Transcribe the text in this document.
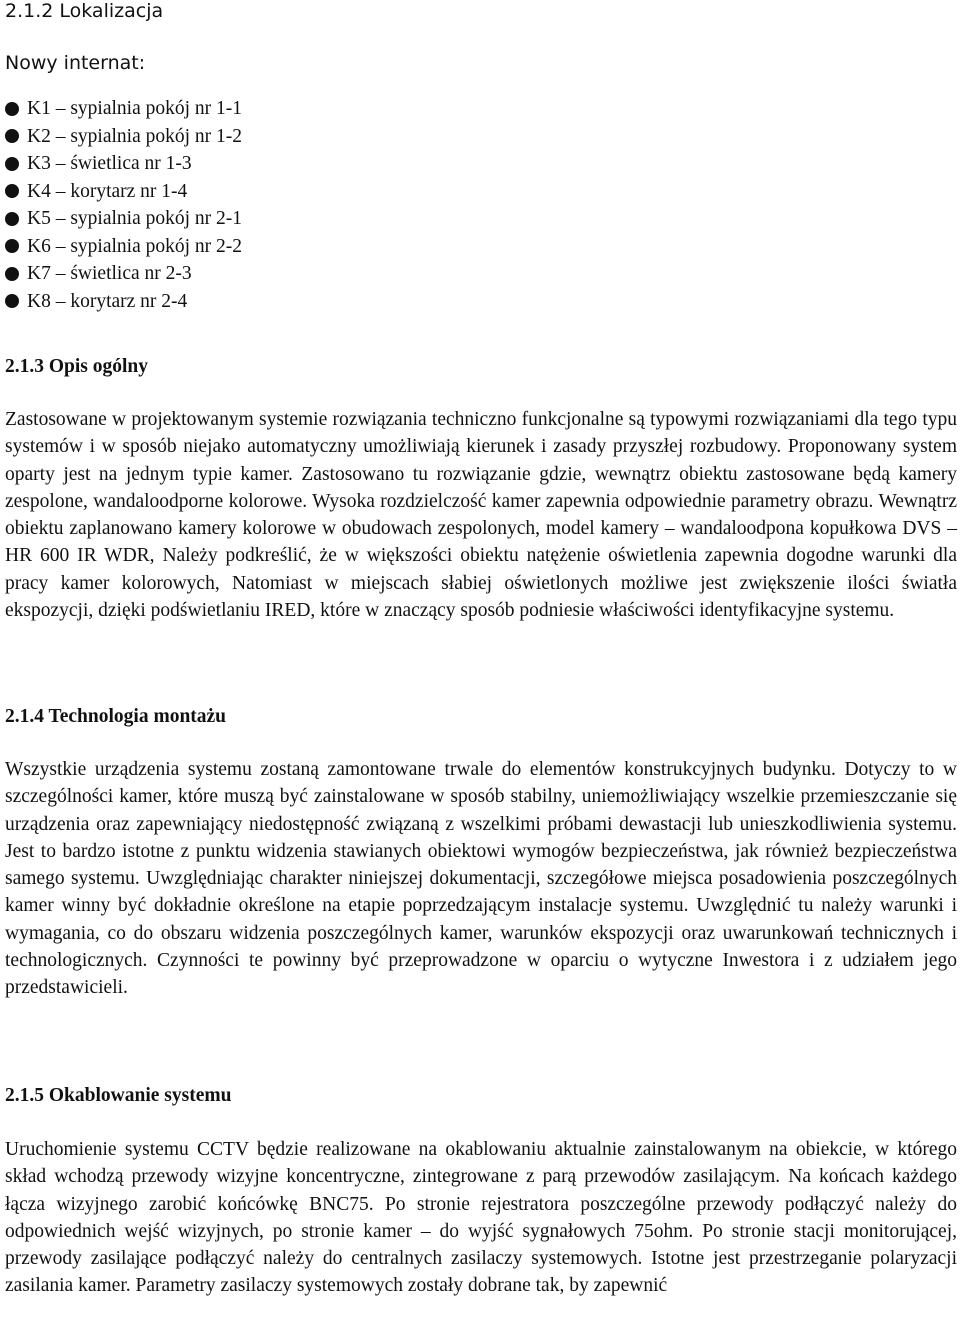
2.1.2 Lokalizacja

Nowy internat:

K1 – sypialnia pokój nr 1-1
K2 – sypialnia pokój nr 1-2
K3 – świetlica nr 1-3
K4 – korytarz nr 1-4
K5 – sypialnia pokój nr 2-1
K6 – sypialnia pokój nr 2-2
K7 – świetlica nr 2-3
K8 – korytarz nr 2-4
2.1.3 Opis ogólny

Zastosowane w projektowanym systemie rozwiązania techniczno funkcjonalne są typowymi rozwiązaniami dla tego typu systemów i w sposób niejako automatyczny umożliwiają kierunek i zasady przyszłej rozbudowy. Proponowany system oparty jest na jednym typie kamer. Zastosowano tu rozwiązanie gdzie, wewnątrz obiektu zastosowane będą kamery zespolone, wandaloodporne kolorowe. Wysoka rozdzielczość kamer zapewnia odpowiednie parametry obrazu. Wewnątrz obiektu zaplanowano kamery kolorowe w obudowach zespolonych, model kamery – wandaloodpona kopułkowa DVS – HR 600 IR WDR, Należy podkreślić, że w większości obiektu natężenie oświetlenia zapewnia dogodne warunki dla pracy kamer kolorowych, Natomiast w miejscach słabiej oświetlonych możliwe jest zwiększenie ilości światła ekspozycji, dzięki podświetlaniu IRED, które w znaczący sposób podniesie właściwości identyfikacyjne systemu.

2.1.4 Technologia montażu

Wszystkie urządzenia systemu zostaną zamontowane trwale do elementów konstrukcyjnych budynku. Dotyczy to w szczególności kamer, które muszą być zainstalowane w sposób stabilny, uniemożliwiający wszelkie przemieszczanie się urządzenia oraz zapewniający niedostępność związaną z wszelkimi próbami dewastacji lub unieszkodliwienia systemu. Jest to bardzo istotne z punktu widzenia stawianych obiektowi wymogów bezpieczeństwa, jak również bezpieczeństwa samego systemu. Uwzględniając charakter niniejszej dokumentacji, szczegółowe miejsca posadowienia poszczególnych kamer winny być dokładnie określone na etapie poprzedzającym instalacje systemu. Uwzględnić tu należy warunki i wymagania, co do obszaru widzenia poszczególnych kamer, warunków ekspozycji oraz uwarunkowań technicznych i technologicznych. Czynności te powinny być przeprowadzone w oparciu o wytyczne Inwestora i z udziałem jego przedstawicieli.

2.1.5 Okablowanie systemu

Uruchomienie systemu CCTV będzie realizowane na okablowaniu aktualnie zainstalowanym na obiekcie, w którego skład wchodzą przewody wizyjne koncentryczne, zintegrowane z parą przewodów zasilającym. Na końcach każdego łącza wizyjnego zarobić końcówkę BNC75. Po stronie rejestratora poszczególne przewody podłączyć należy do odpowiednich wejść wizyjnych, po stronie kamer – do wyjść sygnałowych 75ohm. Po stronie stacji monitorującej, przewody zasilające podłączyć należy do centralnych zasilaczy systemowych. Istotne jest przestrzeganie polaryzacji zasilania kamer. Parametry zasilaczy systemowych zostały dobrane tak, by zapewnić
